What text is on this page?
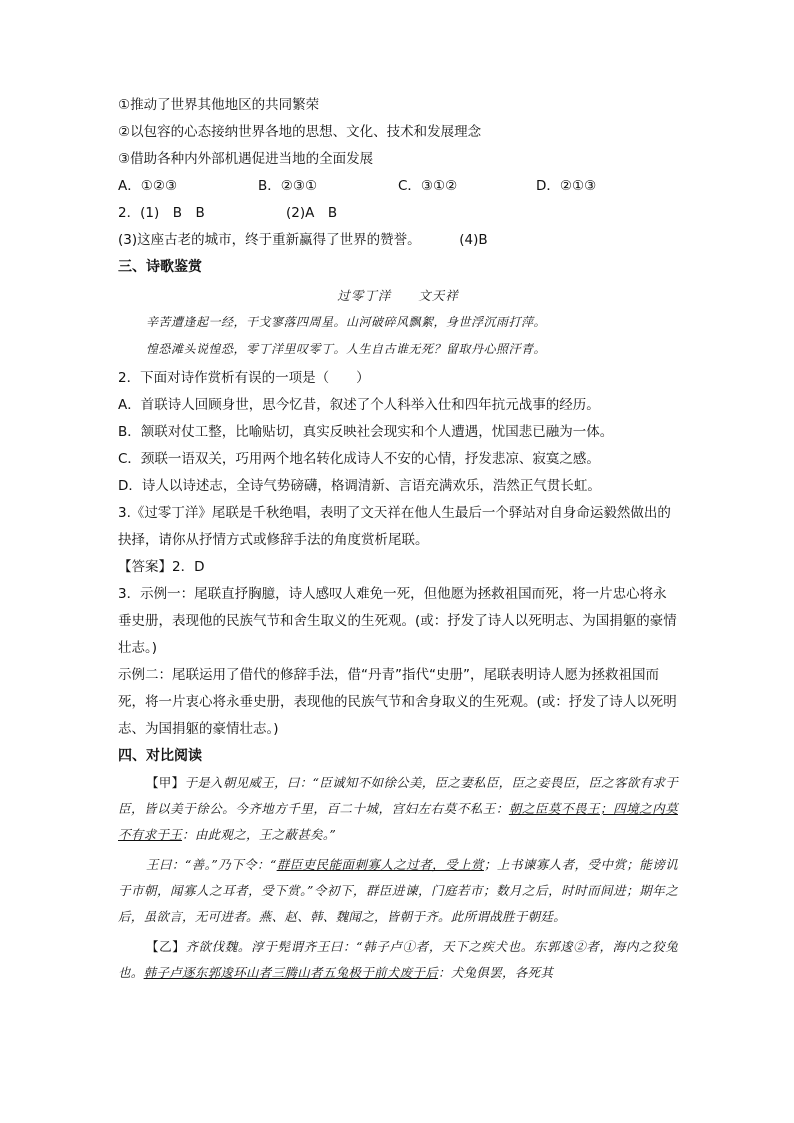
①推动了世界其他地区的共同繁荣
②以包容的心态接纳世界各地的思想、文化、技术和发展理念
③借助各种内外部机遇促进当地的全面发展
A．①②③	B．②③①	C．③①②	D．②①③
2．(1)　B　B	(2)A　B
(3)这座古老的城市，终于重新赢得了世界的赞誉。	(4)B
三、诗歌鉴赏
过零丁洋　　文天祥
辛苦遭逢起一经，干戈寥落四周星。山河破碎风飘絮，身世浮沉雨打萍。
惶恐滩头说惶恐，零丁洋里叹零丁。人生自古谁无死？留取丹心照汗青。
2．下面对诗作赏析有误的一项是（　　）
A．首联诗人回顾身世，思今忆昔，叙述了个人科举入仕和四年抗元战事的经历。
B．颔联对仗工整，比喻贴切，真实反映社会现实和个人遭遇，忧国悲已融为一体。
C．颈联一语双关，巧用两个地名转化成诗人不安的心情，抒发悲凉、寂寞之感。
D．诗人以诗述志，全诗气势磅礴，格调清新、言语充满欢乐，浩然正气贯长虹。
3.《过零丁洋》尾联是千秋绝唱，表明了文天祥在他人生最后一个驿站对自身命运毅然做出的抉择，请你从抒情方式或修辞手法的角度赏析尾联。
【答案】2．D
3．示例一：尾联直抒胸臆，诗人感叹人难免一死，但他愿为拯救祖国而死，将一片忠心将永垂史册，表现他的民族气节和舍生取义的生死观。(或：抒发了诗人以死明志、为国捐躯的豪情壮志。)
示例二：尾联运用了借代的修辞手法，借“丹青”指代“史册”，尾联表明诗人愿为拯救祖国而死，将一片衷心将永垂史册，表现他的民族气节和舍身取义的生死观。(或：抒发了诗人以死明志、为国捐躯的豪情壮志。)
四、对比阅读
【甲】于是入朝见威王，曰：“臣诚知不如徐公美，臣之妻私臣，臣之妾畏臣，臣之客欲有求于臣，皆以美于徐公。今齐地方千里，百二十城，宫妇左右莫不私王：朝之臣莫不畏王；四境之内莫不有求于王：由此观之，王之蔽甚矣。”
王曰：“善。”乃下令：“群臣吏民能面刺寡人之过者，受上赏；上书谏寡人者，受中赏；能谤讥于市朝，闻寡人之耳者，受下赏。”令初下，群臣进谏，门庭若市；数月之后，时时而间进；期年之后，虽欲言，无可进者。燕、赵、韩、魏闻之，皆朝于齐。此所谓战胜于朝廷。
【乙】齐欲伐魏。淳于髡谓齐王曰：“韩子卢①者，天下之疾犬也。东郭逡②者，海内之狡兔也。韩子卢逐东郭逡环山者三腾山者五兔极于前犬废于后：犬兔俱罢，各死其
